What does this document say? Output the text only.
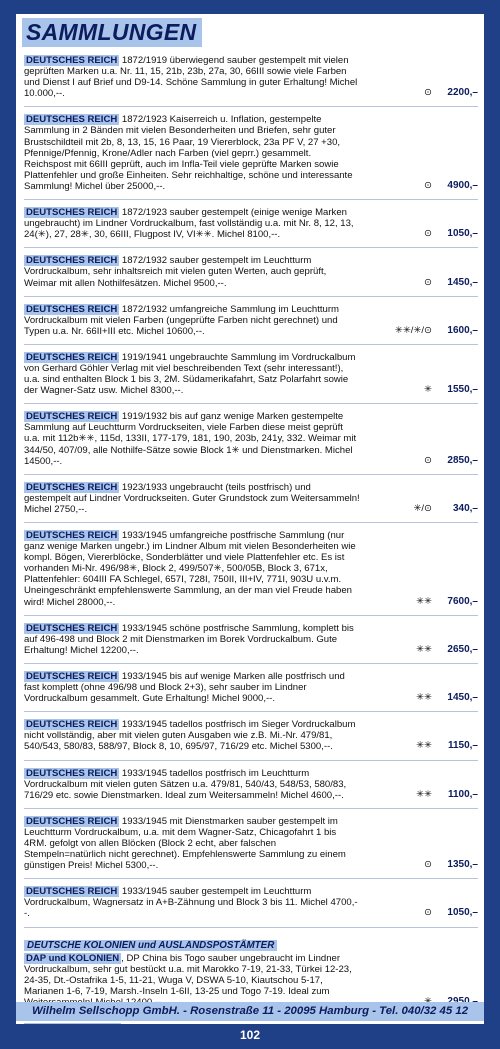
SAMMLUNGEN
DEUTSCHES REICH 1872/1919 überwiegend sauber gestempelt mit vielen geprüften Marken u.a. Nr. 11, 15, 21b, 23b, 27a, 30, 66III sowie viele Farben und Dienst I auf Brief und D9-14. Schöne Sammlung in guter Erhaltung! Michel 10.000,--.	⊙ 2200,–
DEUTSCHES REICH 1872/1923 Kaiserreich u. Inflation, gestempelte Sammlung in 2 Bänden mit vielen Besonderheiten und Briefen, sehr guter Brustschildteil mit 2b, 8, 13, 15, 16 Paar, 19 Viererblock, 23a PF V, 27 +30, Pfennige/Pfennig, Krone/Adler nach Farben (viel geprr.) gesammelt. Reichspost mit 66III geprüft, auch im Infla-Teil viele geprüfte Marken sowie Plattenfehler und große Einheiten. Sehr reichhaltige, schöne und interessante Sammlung! Michel über 25000,--.	⊙ 4900,–
DEUTSCHES REICH 1872/1923 sauber gestempelt (einige wenige Marken ungebraucht) im Lindner Vordruckalbum, fast vollständig u.a. mit Nr. 8, 12, 13, 24(✳), 27, 28✳, 30, 66III, Flugpost IV, VI✳✳. Michel 8100,--.	⊙ 1050,–
DEUTSCHES REICH 1872/1932 sauber gestempelt im Leuchtturm Vordruckalbum, sehr inhaltsreich mit vielen guten Werten, auch geprüft, Weimar mit allen Nothilfesätzen. Michel 9500,--.	⊙ 1450,–
DEUTSCHES REICH 1872/1932 umfangreiche Sammlung im Leuchtturm Vordruckalbum mit vielen Farben (ungeprüfte Farben nicht gerechnet) und Typen u.a. Nr. 66II+III etc. Michel 10600,--.	✳✳/✳/⊙ 1600,–
DEUTSCHES REICH 1919/1941 ungebrauchte Sammlung im Vordruckalbum von Gerhard Göhler Verlag mit viel beschreibenden Text (sehr interessant!), u.a. sind enthalten Block 1 bis 3, 2M. Südamerikafahrt, Satz Polarfahrt sowie der Wagner-Satz usw. Michel 8300,--.	✳ 1550,–
DEUTSCHES REICH 1919/1932 bis auf ganz wenige Marken gestempelte Sammlung auf Leuchtturm Vordruckseiten, viele Farben diese meist geprüft u.a. mit 112b✳✳, 115d, 133II, 177-179, 181, 190, 203b, 241y, 332. Weimar mit 344/50, 407/09, alle Nothilfe-Sätze sowie Block 1✳ und Dienstmarken. Michel 14500,--.	⊙ 2850,–
DEUTSCHES REICH 1923/1933 ungebraucht (teils postfrisch) und gestempelt auf Lindner Vordruckseiten. Guter Grundstock zum Weitersammeln! Michel 2750,--.	✳/⊙ 340,–
DEUTSCHES REICH 1933/1945 umfangreiche postfrische Sammlung (nur ganz wenige Marken ungebr.) im Lindner Album mit vielen Besonderheiten wie kompl. Bögen, Viererblöcke, Sonderblätter und viele Plattenfehler etc. Es ist vorhanden Mi-Nr. 496/98✳, Block 2, 499/507✳, 500/05B, Block 3, 671x, Plattenfehler: 604III FA Schlegel, 657I, 728I, 750II, III+IV, 771I, 903U u.v.m. Uneingeschränkt empfehlenswerte Sammlung, an der man viel Freude haben wird! Michel 28000,--.	✳✳ 7600,–
DEUTSCHES REICH 1933/1945 schöne postfrische Sammlung, komplett bis auf 496-498 und Block 2 mit Dienstmarken im Borek Vordruckalbum. Gute Erhaltung! Michel 12200,--.	✳✳ 2650,–
DEUTSCHES REICH 1933/1945 bis auf wenige Marken alle postfrisch und fast komplett (ohne 496/98 und Block 2+3), sehr sauber im Lindner Vordruckalbum gesammelt. Gute Erhaltung! Michel 9000,--.	✳✳ 1450,–
DEUTSCHES REICH 1933/1945 tadellos postfrisch im Sieger Vordruckalbum nicht vollständig, aber mit vielen guten Ausgaben wie z.B. Mi.-Nr. 479/81, 540/543, 580/83, 588/97, Block 8, 10, 695/97, 716/29 etc. Michel 5300,--.	✳✳ 1150,–
DEUTSCHES REICH 1933/1945 tadellos postfrisch im Leuchtturm Vordruckalbum mit vielen guten Sätzen u.a. 479/81, 540/43, 548/53, 580/83, 716/29 etc. sowie Dienstmarken. Ideal zum Weitersammeln! Michel 4600,--.	✳✳ 1100,–
DEUTSCHES REICH 1933/1945 mit Dienstmarken sauber gestempelt im Leuchtturm Vordruckalbum, u.a. mit dem Wagner-Satz, Chicagofahrt 1 bis 4RM. gefolgt von allen Blöcken (Block 2 echt, aber falschen Stempeln=natürlich nicht gerechnet). Empfehlenswerte Sammlung zu einem günstigen Preis! Michel 5300,--.	⊙ 1350,–
DEUTSCHES REICH 1933/1945 sauber gestempelt im Leuchtturm Vordruckalbum, Wagnersatz in A+B-Zähnung und Block 3 bis 11. Michel 4700,--.	⊙ 1050,–
DEUTSCHE KOLONIEN und AUSLANDSPOSTÄMTER
DAP und KOLONIEN , DP China bis Togo sauber ungebraucht im Lindner Vordruckalbum, sehr gut bestückt u.a. mit Marokko 7-19, 21-33, Türkei 12-23, 24-35, Dt.-Ostafrika 1-5, 11-21, Wuga V, DSWA 5-10, Kiautschou 5-17, Marianen 1-6, 7-19, Marsh.-Inseln 1-6II, 13-25 und Togo 7-19. Ideal zum
Wilhelm Sellschopp GmbH. - Rosenstraße 11 - 20095 Hamburg - Tel. 040/32 45 12
102
